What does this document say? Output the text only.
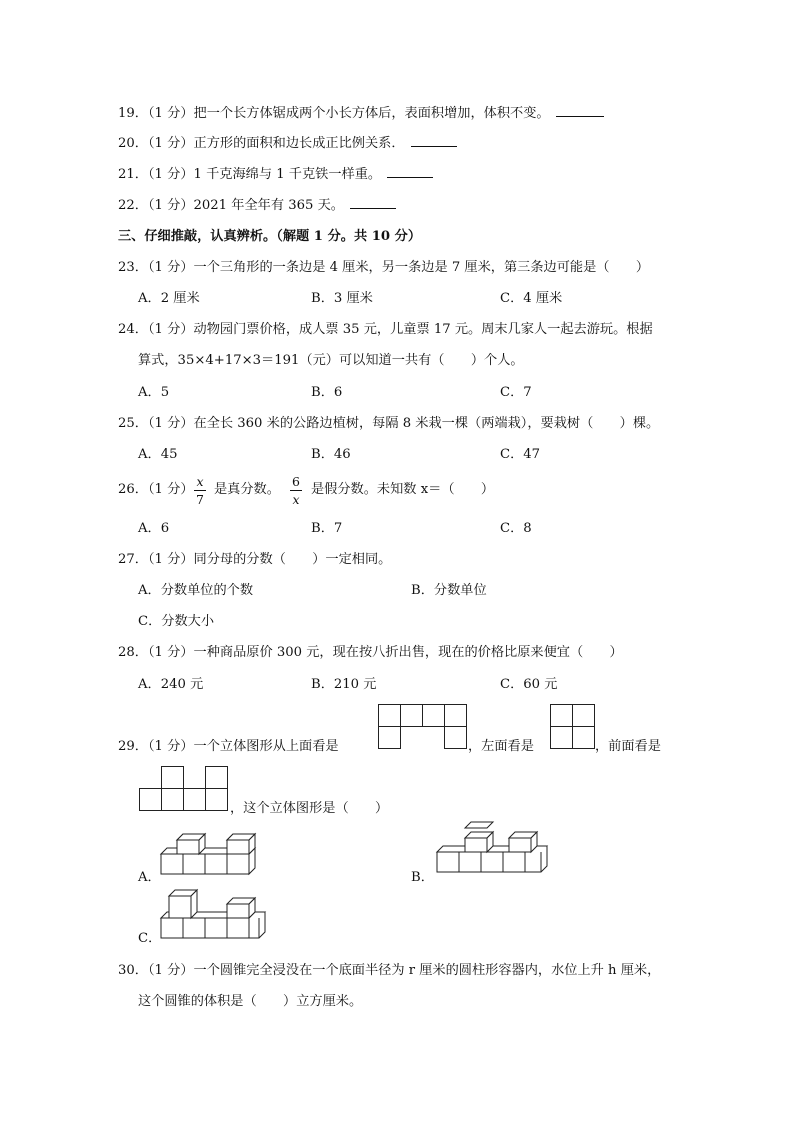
19．（1 分）把一个长方体锯成两个小长方体后，表面积增加，体积不变。
20．（1 分）正方形的面积和边长成正比例关系．
21．（1 分）1 千克海绵与 1 千克铁一样重。
22．（1 分）2021 年全年有 365 天。
三、仔细推敲，认真辨析。（解题 1 分。共 10 分）
23．（1 分）一个三角形的一条边是 4 厘米，另一条边是 7 厘米，第三条边可能是（　　）
A．2 厘米	B．3 厘米	C．4 厘米
24．（1 分）动物园门票价格，成人票 35 元，儿童票 17 元。周末几家人一起去游玩。根据
算式，35×4+17×3＝191（元）可以知道一共有（　　）个人。
A．5	B．6	C．7
25．（1 分）在全长 360 米的公路边植树，每隔 8 米栽一棵（两端栽），要栽树（　　）棵。
A．45	B．46	C．47
26．（1 分）
x
7
是真分数。
6
x
是假分数。未知数 x＝（　　）
A．6	B．7	C．8
27．（1 分）同分母的分数（　　）一定相同。
A．分数单位的个数	B．分数单位
C．分数大小
28．（1 分）一种商品原价 300 元，现在按八折出售，现在的价格比原来便宜（　　）
A．240 元	B．210 元	C．60 元
29．（1 分）一个立体图形从上面看是	，左面看是	，前面看是
，这个立体图形是（　　）
A．	B．
C．
30．（1 分）一个圆锥完全浸没在一个底面半径为 r 厘米的圆柱形容器内，水位上升 h 厘米，
这个圆锥的体积是（　　）立方厘米。
